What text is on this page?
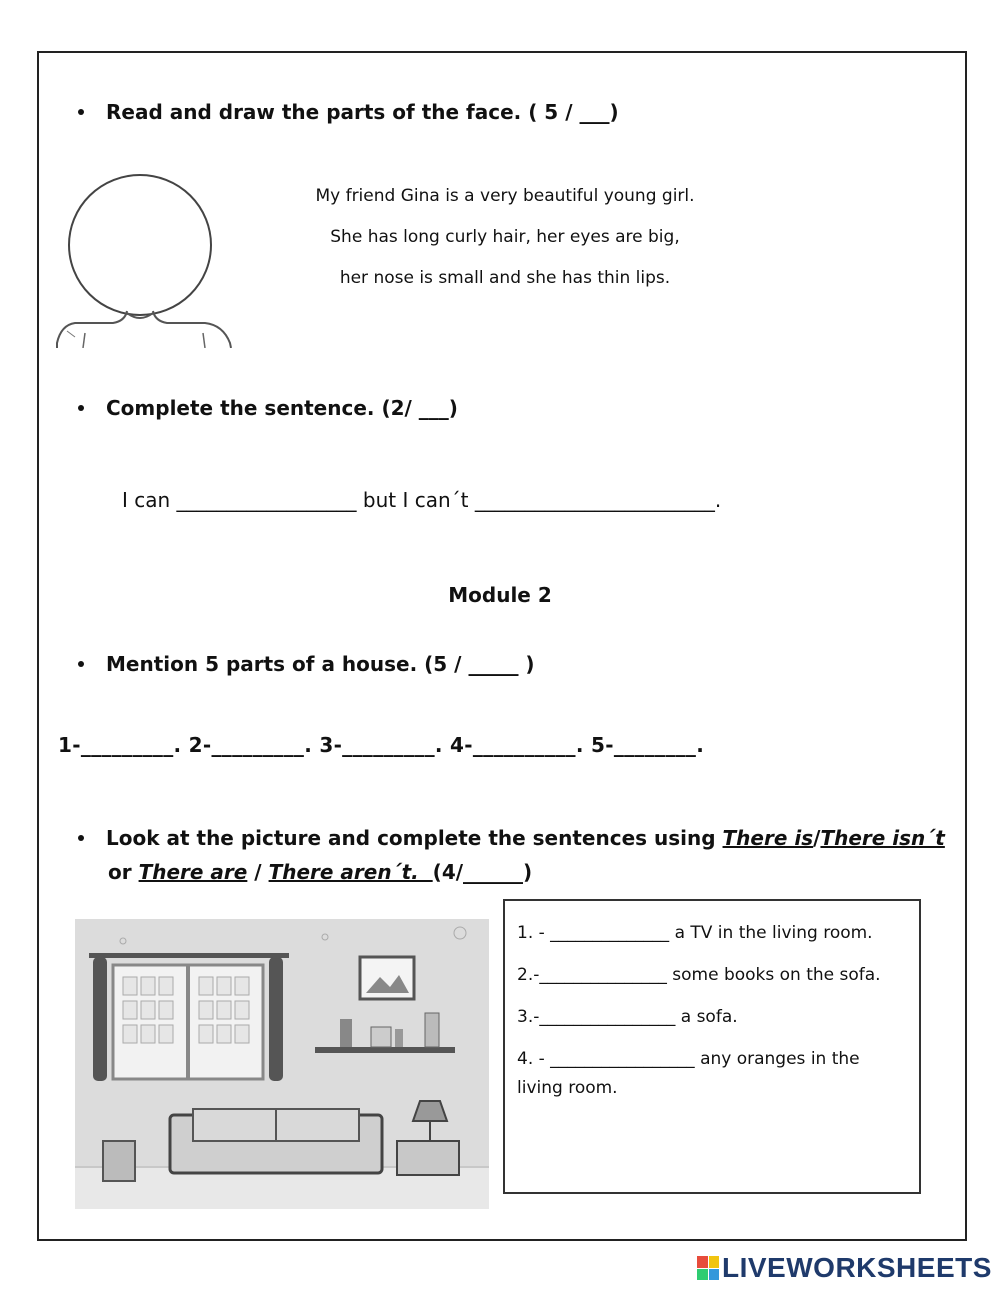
Read and draw the parts of the face. ( 5 / ___)
My friend Gina is a very beautiful young girl.
She has long curly hair, her eyes are big,
her nose is small and she has thin lips.
Complete the sentence. (2/ ___)
I can __________________ but I can´t ________________________.
Module 2
Mention 5 parts of a house. (5 / _____ )
1-_________. 2-_________. 3-_________. 4-__________. 5-________.
Look at the picture and complete the sentences using There is/There isn´t
or There are / There aren´t.  (4/______)

1. - ______________ a TV in the living room.

2.-_______________ some books on the sofa.

3.-________________ a sofa.

4. - _________________ any oranges in the living room.

LIVEWORKSHEETS
